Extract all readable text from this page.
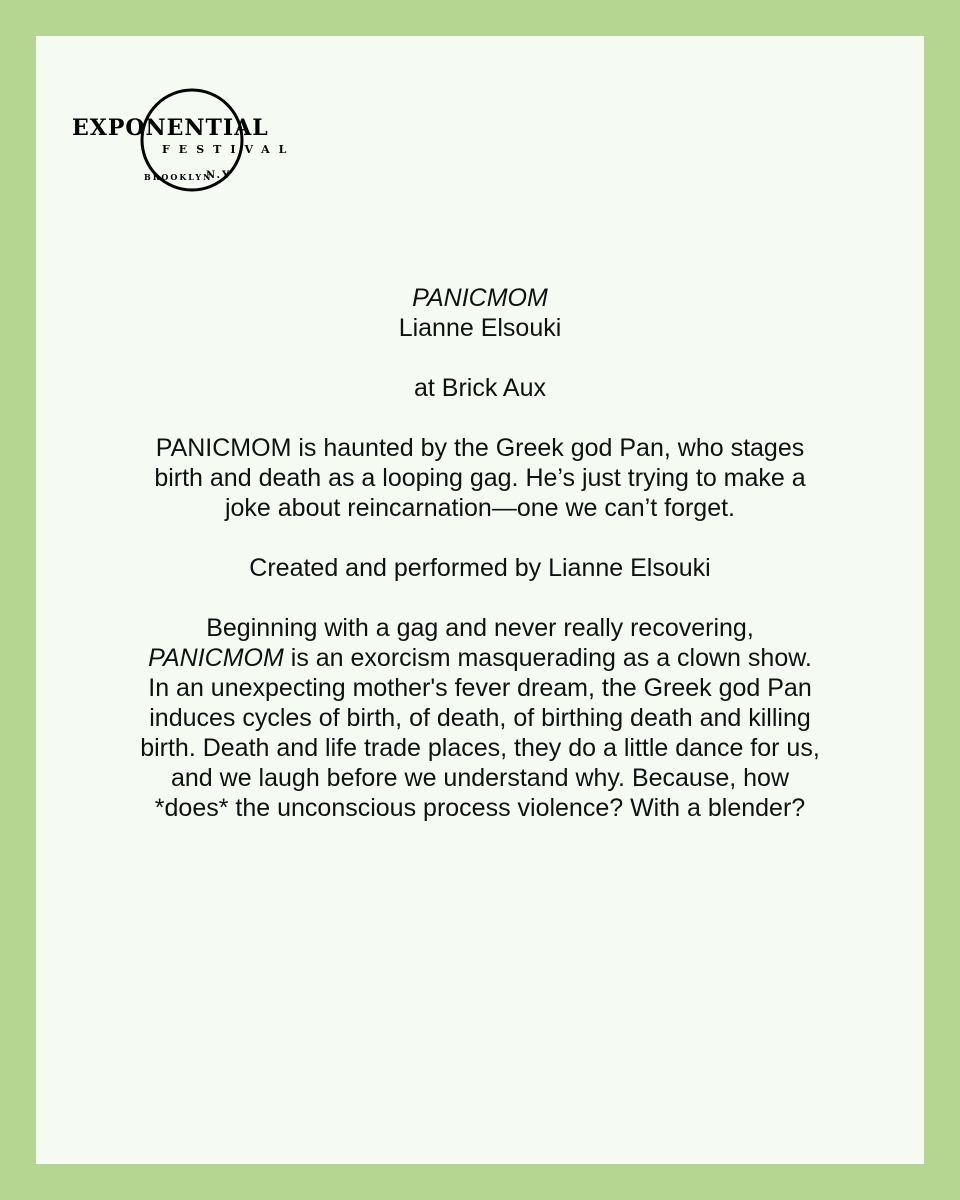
EXPONENTIAL
FESTIVAL
BROOKLYN
N.Y

PANICMOM

Lianne Elsouki

at Brick Aux

PANICMOM is haunted by the Greek god Pan, who stages

birth and death as a looping gag. He’s just trying to make a

joke about reincarnation—one we can’t forget.

Created and performed by Lianne Elsouki

Beginning with a gag and never really recovering,

PANICMOM is an exorcism masquerading as a clown show.

In an unexpecting mother's fever dream, the Greek god Pan

induces cycles of birth, of death, of birthing death and killing

birth. Death and life trade places, they do a little dance for us,

and we laugh before we understand why. Because, how

*does* the unconscious process violence? With a blender?
